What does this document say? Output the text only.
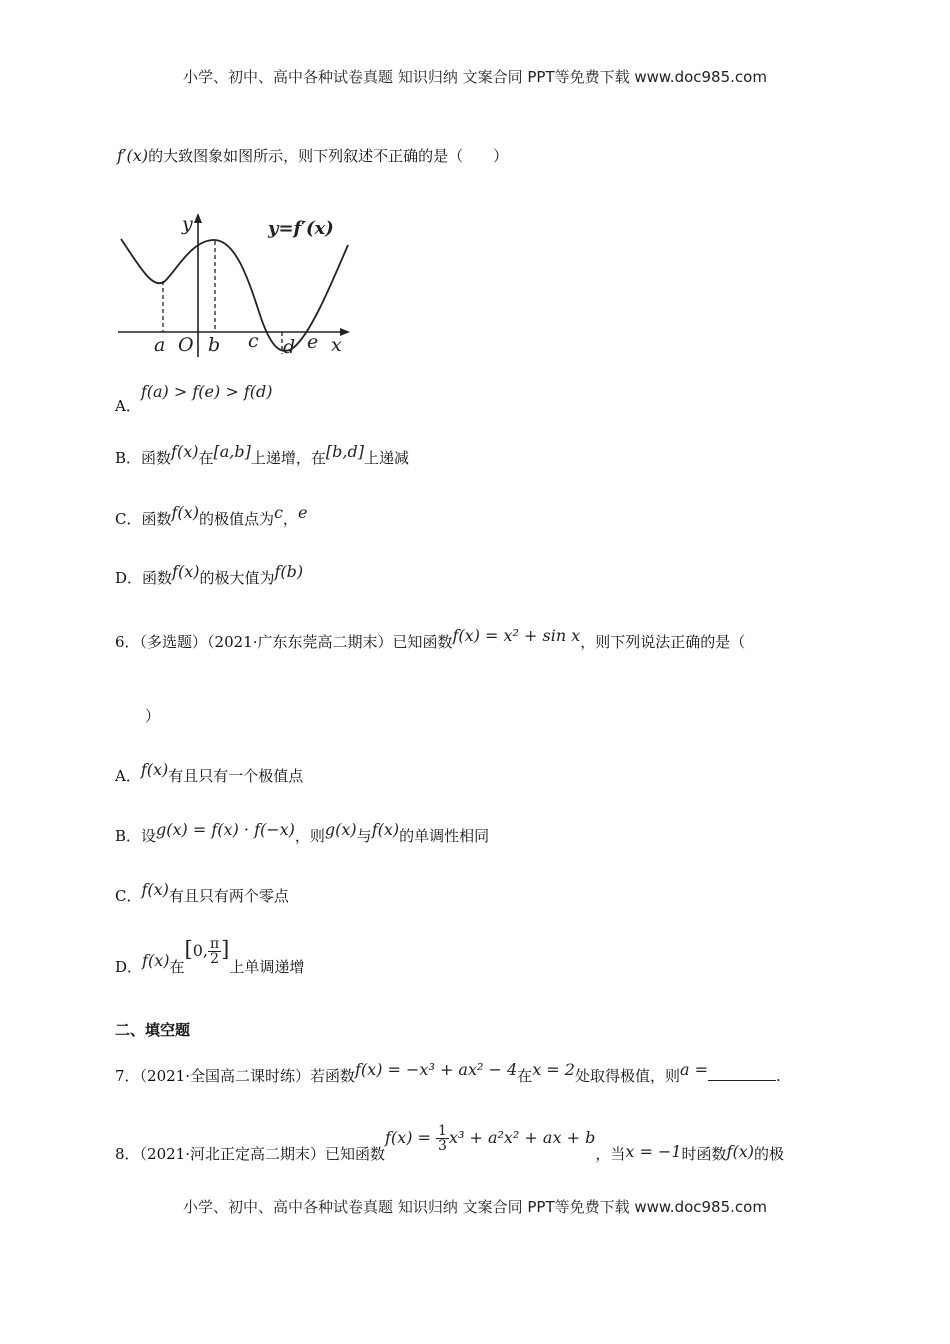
小学、初中、高中各种试卷真题 知识归纳 文案合同 PPT等免费下载 www.doc985.com
f′(x)的大致图象如图所示，则下列叙述不正确的是（　　）
y	y=f′(x)
x
O
a b c d e
A．f(a) > f(e) > f(d)
B．函数f(x)在[a,b]上递增，在[b,d]上递减
C．函数f(x)的极值点为c，e
D．函数f(x)的极大值为f(b)
6．（多选题）（2021·广东东莞高二期末）已知函数f(x) = x² + sin x，则下列说法正确的是（
）
A．f(x)有且只有一个极值点
B．设g(x) = f(x) · f(−x)，则g(x)与f(x)的单调性相同
C．f(x)有且只有两个零点
D．f(x)在[0, $\frac{\pi}{2}$ ]上单调递增
二、填空题
7．（2021·全国高二课时练）若函数f(x) = −x³ + ax² − 4在x = 2处取得极值，则a =	.
8．（2021·河北正定高二期末）已知函数$f(x) = \frac{1}{3} x^3 + a^2x^2$ + ax + b，当x = −1时函数f(x)的极
小学、初中、高中各种试卷真题 知识归纳 文案合同 PPT等免费下载 www.doc985.com
